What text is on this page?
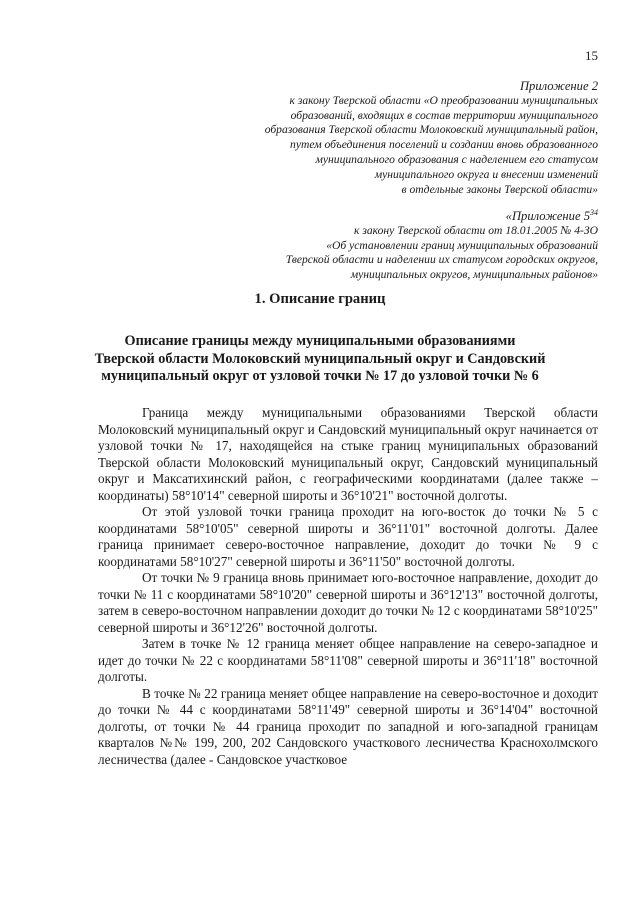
15
Приложение 2
к закону Тверской области «О преобразовании муниципальных
образований, входящих в состав территории муниципального
образования Тверской области Молоковский муниципальный район,
путем объединения поселений и создании вновь образованного
муниципального образования с наделением его статусом
муниципального округа и внесении изменений
в отдельные законы Тверской области»
«Приложение $5^{34}$
к закону Тверской области от 18.01.2005 № 4-ЗО
«Об установлении границ муниципальных образований
Тверской области и наделении их статусом городских округов,
муниципальных округов, муниципальных районов»
1. Описание границ
Описание границы между муниципальными образованиями
Тверской области Молоковский муниципальный округ и Сандовский
муниципальный округ от узловой точки № 17 до узловой точки № 6

Граница между муниципальными образованиями Тверской области Молоковский муниципальный округ и Сандовский муниципальный округ начинается от узловой точки № 17, находящейся на стыке границ муниципальных образований Тверской области Молоковский муниципальный округ, Сандовский муниципальный округ и Максатихинский район, с географическими координатами (далее также – координаты) 58°10'14" северной широты и 36°10'21" восточной долготы.

От этой узловой точки граница проходит на юго-восток до точки № 5 с координатами 58°10'05" северной широты и 36°11'01" восточной долготы. Далее граница принимает северо-восточное направление, доходит до точки № 9 с координатами 58°10'27" северной широты и 36°11'50" восточной долготы.

От точки № 9 граница вновь принимает юго-восточное направление, доходит до точки № 11 с координатами 58°10'20" северной широты и 36°12'13" восточной долготы, затем в северо-восточном направлении доходит до точки № 12 с координатами 58°10'25" северной широты и 36°12'26" восточной долготы.

Затем в точке № 12 граница меняет общее направление на северо-западное и идет до точки № 22 с координатами 58°11'08" северной широты и 36°11'18" восточной долготы.

В точке № 22 граница меняет общее направление на северо-восточное и доходит до точки № 44 с координатами 58°11'49" северной широты и 36°14'04" восточной долготы, от точки № 44 граница проходит по западной и юго-западной границам кварталов №№ 199, 200, 202 Сандовского участкового лесничества Краснохолмского лесничества (далее - Сандовское участковое
